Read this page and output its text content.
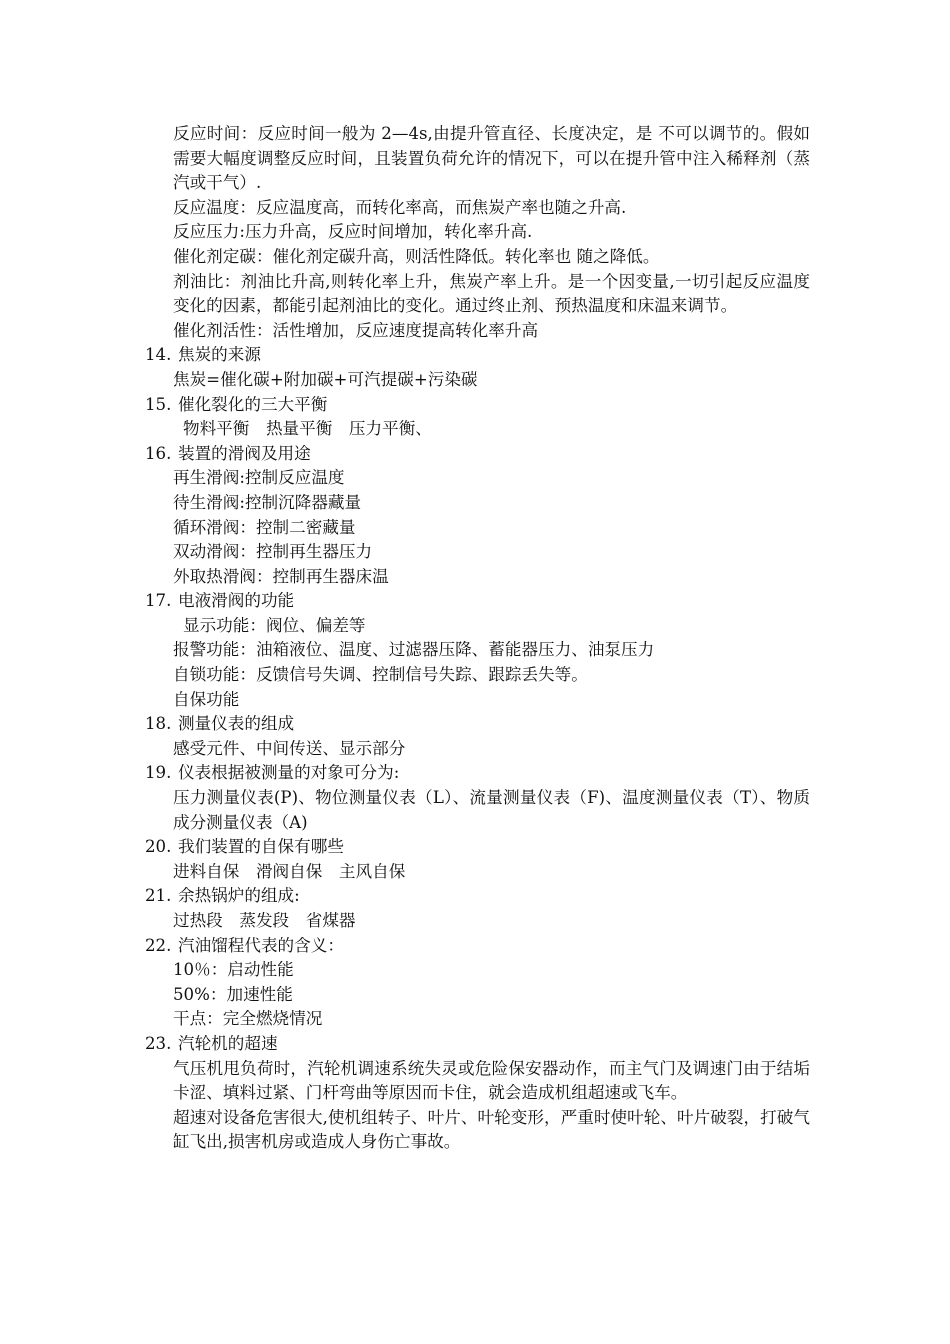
反应时间：反应时间一般为 2—4s,由提升管直径、长度决定，是 不可以调节的。假如需要大幅度调整反应时间，且装置负荷允许的情况下，可以在提升管中注入稀释剂（蒸汽或干气）.

反应温度：反应温度高，而转化率高，而焦炭产率也随之升高.

反应压力:压力升高，反应时间增加，转化率升高.

催化剂定碳：催化剂定碳升高，则活性降低。转化率也 随之降低。

剂油比：剂油比升高,则转化率上升，焦炭产率上升。是一个因变量,一切引起反应温度变化的因素，都能引起剂油比的变化。通过终止剂、预热温度和床温来调节。

催化剂活性：活性增加，反应速度提高转化率升高

14. 焦炭的来源

焦炭=催化碳+附加碳+可汽提碳+污染碳

15. 催化裂化的三大平衡

物料平衡　热量平衡　压力平衡、

16. 装置的滑阀及用途

再生滑阀:控制反应温度

待生滑阀:控制沉降器藏量

循环滑阀：控制二密藏量

双动滑阀：控制再生器压力

外取热滑阀：控制再生器床温

17. 电液滑阀的功能

显示功能：阀位、偏差等

报警功能：油箱液位、温度、过滤器压降、蓄能器压力、油泵压力

自锁功能：反馈信号失调、控制信号失踪、跟踪丢失等。

自保功能

18. 测量仪表的组成

感受元件、中间传送、显示部分

19. 仪表根据被测量的对象可分为:

压力测量仪表(P)、物位测量仪表（L）、流量测量仪表（F)、温度测量仪表（T）、物质成分测量仪表（A)

20. 我们装置的自保有哪些

进料自保　滑阀自保　主风自保

21. 余热锅炉的组成:

过热段　蒸发段　省煤器

22. 汽油馏程代表的含义：

10％：启动性能

50%：加速性能

干点：完全燃烧情况

23. 汽轮机的超速

气压机甩负荷时，汽轮机调速系统失灵或危险保安器动作，而主气门及调速门由于结垢卡涩、填料过紧、门杆弯曲等原因而卡住，就会造成机组超速或飞车。

超速对设备危害很大,使机组转子、叶片、叶轮变形，严重时使叶轮、叶片破裂，打破气缸飞出,损害机房或造成人身伤亡事故。
